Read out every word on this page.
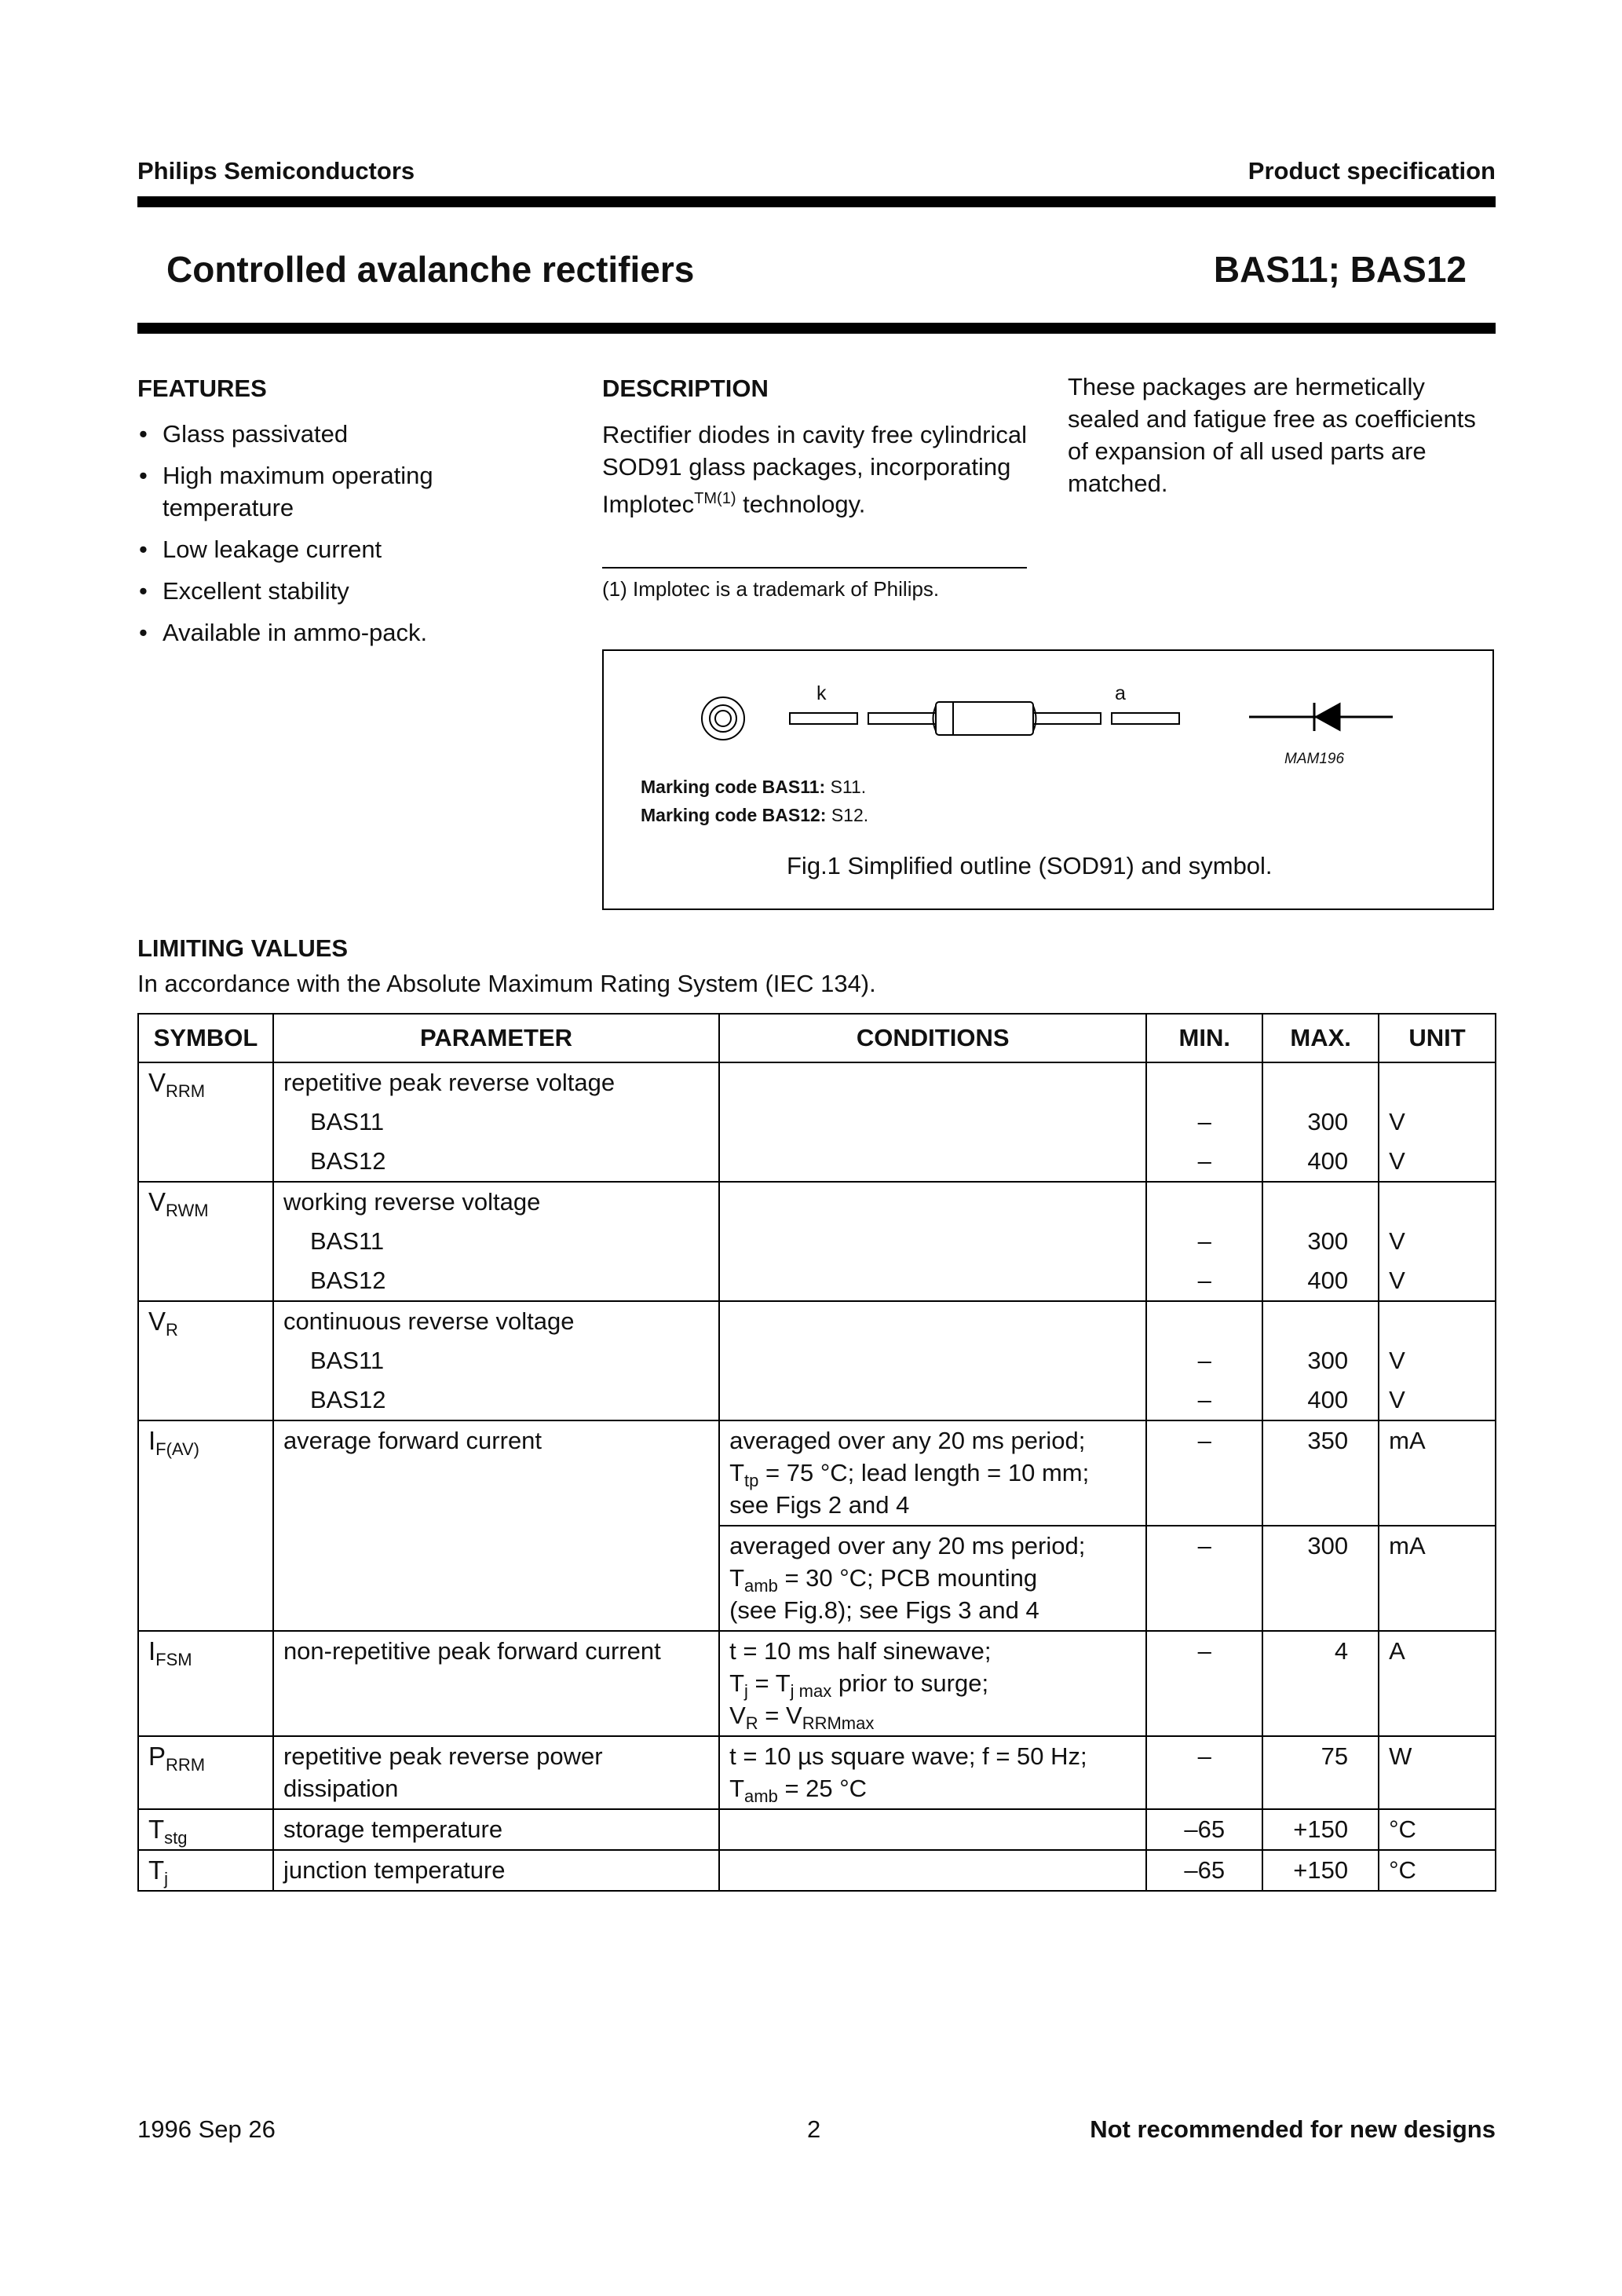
Philips Semiconductors	Product specification
Controlled avalanche rectifiers	BAS11; BAS12
FEATURES
• Glass passivated
• High maximum operating temperature
• Low leakage current
• Excellent stability
• Available in ammo-pack.
DESCRIPTION
Rectifier diodes in cavity free cylindrical SOD91 glass packages, incorporating Implotec$^{TM(1)}$ technology.
(1) Implotec is a trademark of Philips.
These packages are hermetically sealed and fatigue free as coefficients of expansion of all used parts are matched.
k	a
MAM196
Marking code BAS11: S11.
Marking code BAS12: S12.
Fig.1 Simplified outline (SOD91) and symbol.
LIMITING VALUES
In accordance with the Absolute Maximum Rating System (IEC 134).
SYMBOL	PARAMETER	CONDITIONS	MIN.	MAX.	UNIT
$V_{RRM}$	repetitive peak reverse voltage				
	BAS11		–	300	V
	BAS12		–	400	V
$V_{RWM}$	working reverse voltage				
	BAS11		–	300	V
	BAS12		–	400	V
$V_R$	continuous reverse voltage				
	BAS11		–	300	V
	BAS12		–	400	V
$I_{F(AV)}$	average forward current	averaged over any 20 ms period;
$T_{tp} = 75$ °C; lead length = 10 mm;
see Figs 2 and 4	–	350	mA

		averaged over any 20 ms period;
$T_{amb} = 30$ °C; PCB mounting
(see Fig.8); see Figs 3 and 4	–	300	mA
$I_{FSM}$	non-repetitive peak forward current	t = 10 ms half sinewave;
$T_j = T_{j max}$ prior to surge;
$V_R = V_{RRMmax}$	–	4	A
$P_{RRM}$	repetitive peak reverse power dissipation	t = 10 µs square wave; f = 50 Hz;
$T_{amb} = 25$ °C	–	75	W
$T_{stg}$	storage temperature		–65	+150	°C
$T_j$	junction temperature		–65	+150	°C
1996 Sep 26	2	Not recommended for new designs
